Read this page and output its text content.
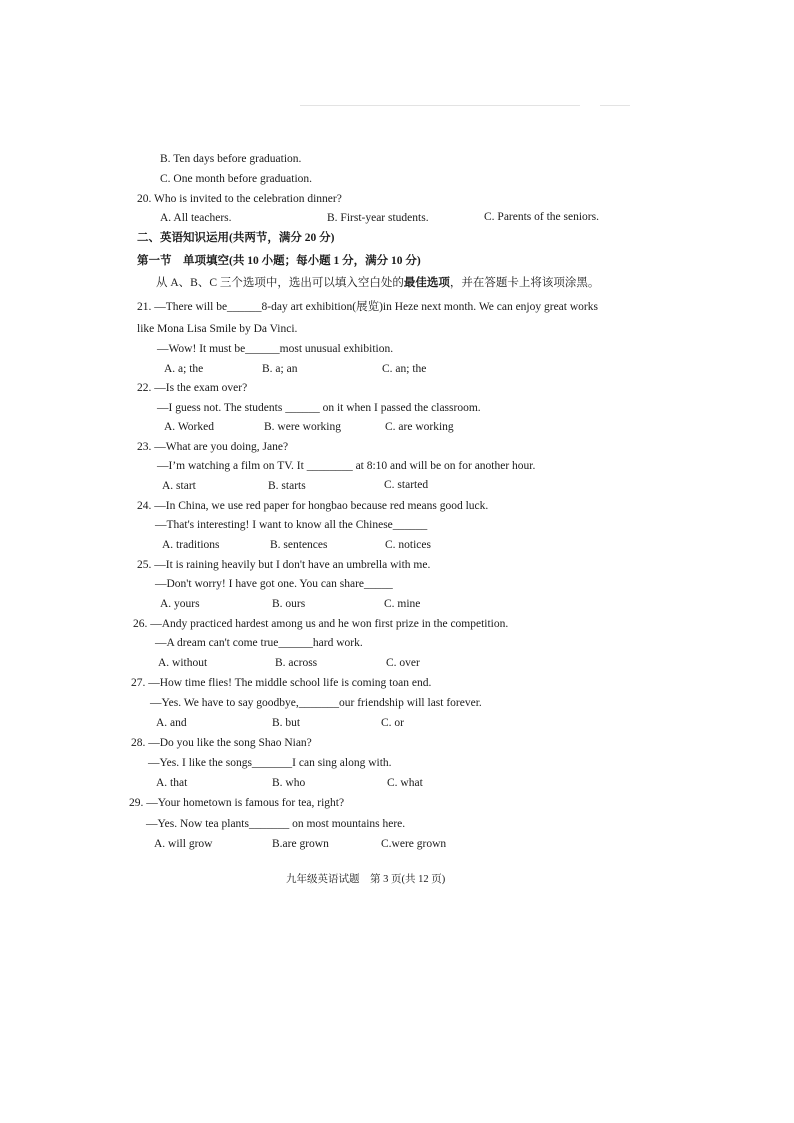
B. Ten days before graduation.
C. One month before graduation.
20. Who is invited to the celebration dinner?
A. All teachers.	B. First-year students.	C. Parents of the seniors.
二、英语知识运用(共两节，满分 20 分)
第一节　单项填空(共 10 小题；每小题 1 分，满分 10 分)
从 A、B、C 三个选项中，选出可以填入空白处的最佳选项，并在答题卡上将该项涂黑。
21. —There will be______8-day art exhibition(展览)in Heze next month. We can enjoy great works
like Mona Lisa Smile by Da Vinci.
—Wow! It must be______most unusual exhibition.
A. a; the	B. a; an	C. an; the
22. —Is the exam over?
—I guess not. The students ______ on it when I passed the classroom.
A. Worked	B. were working	C. are working
23. —What are you doing, Jane?
—I’m watching a film on TV. It ________ at 8:10 and will be on for another hour.
A. start	B. starts	C. started
24. —In China, we use red paper for hongbao because red means good luck.
—That's interesting! I want to know all the Chinese______
A. traditions	B. sentences	C. notices
25. —It is raining heavily but I don't have an umbrella with me.
—Don't worry! I have got one. You can share_____
A. yours	B. ours	C. mine
26. —Andy practiced hardest among us and he won first prize in the competition.
—A dream can't come true______hard work.
A. without	B. across	C. over
27. —How time flies! The middle school life is coming toan end.
—Yes. We have to say goodbye,_______our friendship will last forever.
A. and	B. but	C. or
28. —Do you like the song Shao Nian?
—Yes. I like the songs_______I can sing along with.
A. that	B. who	C. what
29. —Your hometown is famous for tea, right?
—Yes. Now tea plants_______ on most mountains here.
A. will grow	B.are grown	C.were grown
九年级英语试题　第 3 页(共 12 页)
